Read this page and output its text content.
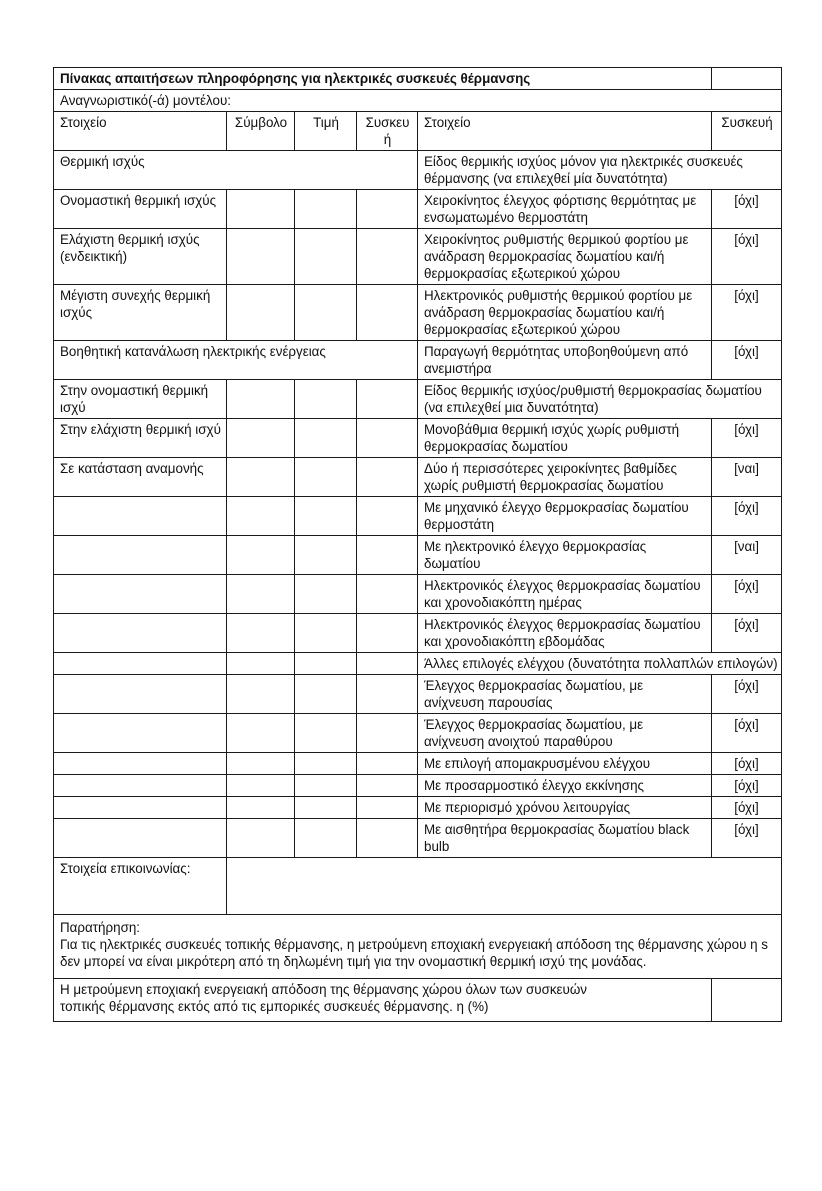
Πίνακας απαιτήσεων πληροφόρησης για ηλεκτρικές συσκευές θέρμανσης					
Αναγνωριστικό(-ά) μοντέλου:					
Στοιχείο	Σύμβολο	Τιμή	Συσκευή	Στοιχείο	Συσκευή
Θερμική ισχύς				Είδος θερμικής ισχύος μόνον για ηλεκτρικές συσκευές θέρμανσης (να επιλεχθεί μία δυνατότητα)	
Ονομαστική θερμική ισχύς				Χειροκίνητος έλεγχος φόρτισης θερμότητας με ενσωματωμένο θερμοστάτη	[όχι]
Ελάχιστη θερμική ισχύς (ενδεικτική)				Χειροκίνητος ρυθμιστής θερμικού φορτίου με ανάδραση θερμοκρασίας δωματίου και/ή θερμοκρασίας εξωτερικού χώρου	[όχι]
Μέγιστη συνεχής θερμική ισχύς				Ηλεκτρονικός ρυθμιστής θερμικού φορτίου με ανάδραση θερμοκρασίας δωματίου και/ή θερμοκρασίας εξωτερικού χώρου	[όχι]
Βοηθητική κατανάλωση ηλεκτρικής ενέργειας				Παραγωγή θερμότητας υποβοηθούμενη από ανεμιστήρα	[όχι]
Στην ονομαστική θερμική ισχύ				Είδος θερμικής ισχύος/ρυθμιστή θερμοκρασίας δωματίου (να επιλεχθεί μια δυνατότητα)	
Στην ελάχιστη θερμική ισχύ				Μονοβάθμια θερμική ισχύς χωρίς ρυθμιστή θερμοκρασίας δωματίου	[όχι]
Σε κατάσταση αναμονής				Δύο ή περισσότερες χειροκίνητες βαθμίδες χωρίς ρυθμιστή θερμοκρασίας δωματίου	[ναι]
				Με μηχανικό έλεγχο θερμοκρασίας δωματίου θερμοστάτη	[όχι]
				Με ηλεκτρονικό έλεγχο θερμοκρασίας δωματίου	[ναι]
				Ηλεκτρονικός έλεγχος θερμοκρασίας δωματίου και χρονοδιακόπτη ημέρας	[όχι]
				Ηλεκτρονικός έλεγχος θερμοκρασίας δωματίου και χρονοδιακόπτη εβδομάδας	[όχι]
				Άλλες επιλογές ελέγχου (δυνατότητα πολλαπλών επιλογών)	
				Έλεγχος θερμοκρασίας δωματίου, με ανίχνευση παρουσίας	[όχι]
				Έλεγχος θερμοκρασίας δωματίου, με ανίχνευση ανοιχτού παραθύρου	[όχι]
				Με επιλογή απομακρυσμένου ελέγχου	[όχι]
				Με προσαρμοστικό έλεγχο εκκίνησης	[όχι]
				Με περιορισμό χρόνου λειτουργίας	[όχι]
				Με αισθητήρα θερμοκρασίας δωματίου black bulb	[όχι]
Στοιχεία επικοινωνίας:					

Παρατήρηση:
Για τις ηλεκτρικές συσκευές τοπικής θέρμανσης, η μετρούμενη εποχιακή ενεργειακή απόδοση της θέρμανσης χώρου η s δεν μπορεί να είναι μικρότερη από τη δηλωμένη τιμή για την ονομαστική θερμική ισχύ της μονάδας.					

Η μετρούμενη εποχιακή ενεργειακή απόδοση της θέρμανσης χώρου όλων των συσκευών τοπικής θέρμανσης εκτός από τις εμπορικές συσκευές θέρμανσης. η (%)					
